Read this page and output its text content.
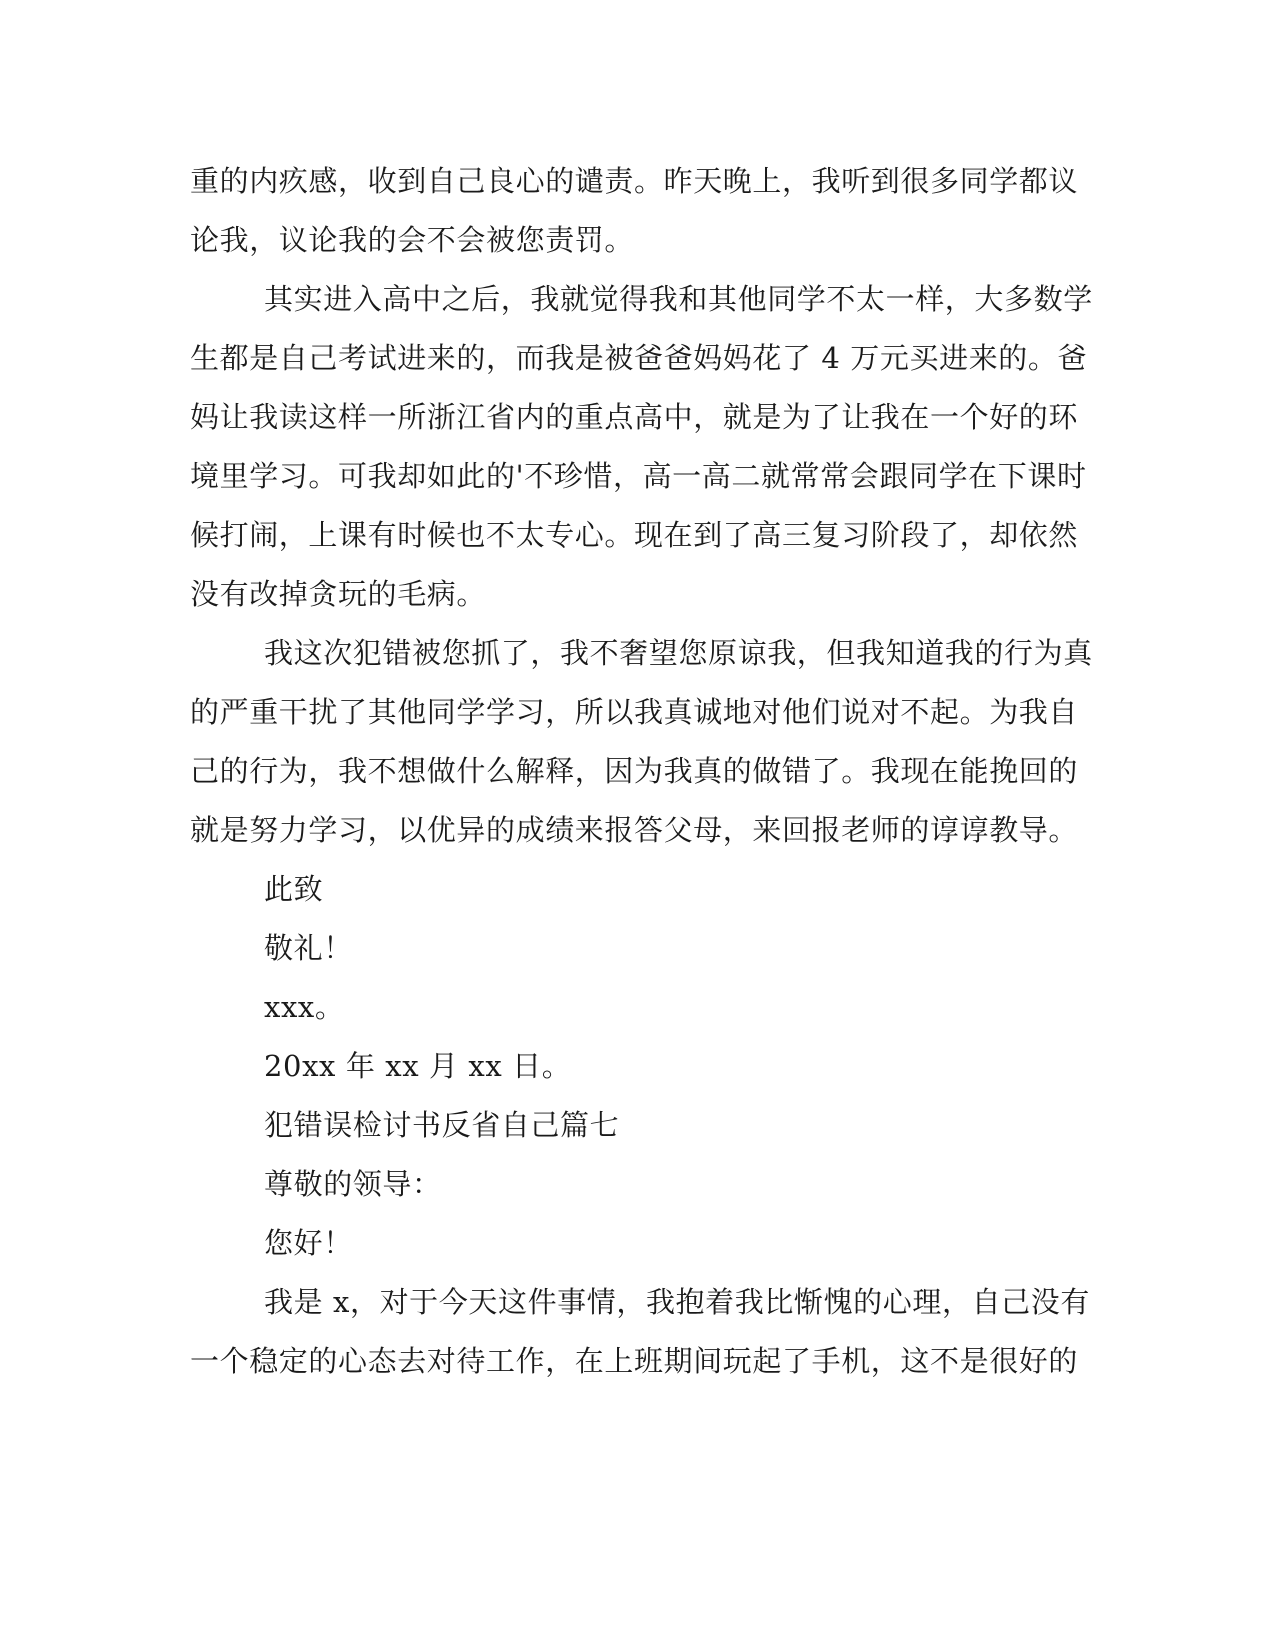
重的内疚感，收到自己良心的谴责。昨天晚上，我听到很多同学都议
论我，议论我的会不会被您责罚。
其实进入高中之后，我就觉得我和其他同学不太一样，大多数学
生都是自己考试进来的，而我是被爸爸妈妈花了 4 万元买进来的。爸
妈让我读这样一所浙江省内的重点高中，就是为了让我在一个好的环
境里学习。可我却如此的'不珍惜，高一高二就常常会跟同学在下课时
候打闹，上课有时候也不太专心。现在到了高三复习阶段了，却依然
没有改掉贪玩的毛病。
我这次犯错被您抓了，我不奢望您原谅我，但我知道我的行为真
的严重干扰了其他同学学习，所以我真诚地对他们说对不起。为我自
己的行为，我不想做什么解释，因为我真的做错了。我现在能挽回的
就是努力学习，以优异的成绩来报答父母，来回报老师的谆谆教导。
此致
敬礼！
xxx。
20xx 年 xx 月 xx 日。
犯错误检讨书反省自己篇七
尊敬的领导：
您好！
我是 x，对于今天这件事情，我抱着我比惭愧的心理，自己没有
一个稳定的心态去对待工作，在上班期间玩起了手机，这不是很好的
